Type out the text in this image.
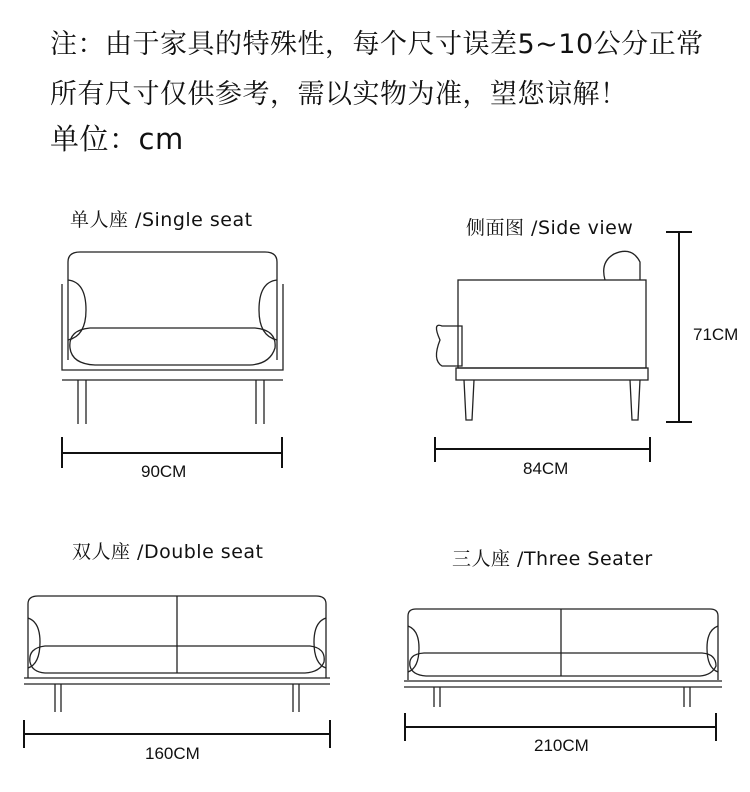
注：由于家具的特殊性，每个尺寸误差5~10公分正常
所有尺寸仅供参考，需以实物为准，望您谅解！
单位：cm
单人座 /Single seat	侧面图 /Side view
双人座 /Double seat	三人座 /Three Seater
90CM	84CM
71CM
160CM	210CM
